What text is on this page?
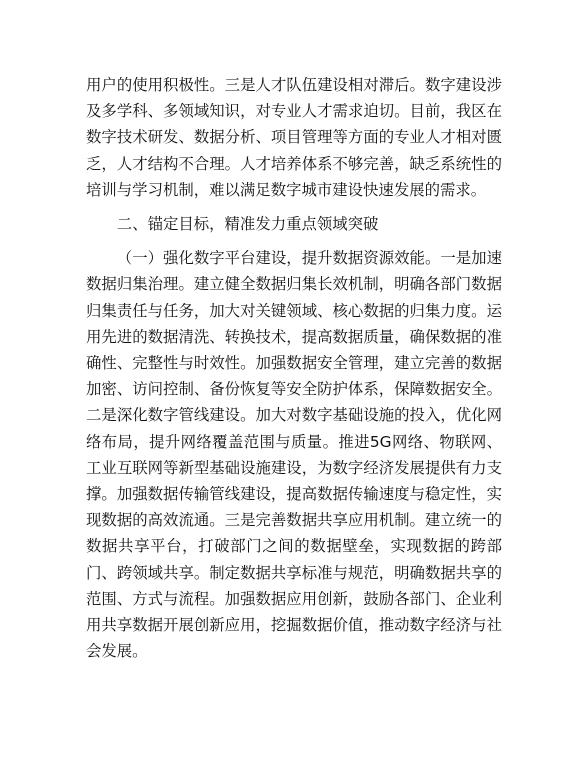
用户的使用积极性。三是人才队伍建设相对滞后。数字建设涉及多学科、多领域知识，对专业人才需求迫切。目前，我区在数字技术研发、数据分析、项目管理等方面的专业人才相对匮乏，人才结构不合理。人才培养体系不够完善，缺乏系统性的培训与学习机制，难以满足数字城市建设快速发展的需求。

二、锚定目标，精准发力重点领域突破

（一）强化数字平台建设，提升数据资源效能。一是加速数据归集治理。建立健全数据归集长效机制，明确各部门数据归集责任与任务，加大对关键领域、核心数据的归集力度。运用先进的数据清洗、转换技术，提高数据质量，确保数据的准确性、完整性与时效性。加强数据安全管理，建立完善的数据加密、访问控制、备份恢复等安全防护体系，保障数据安全。二是深化数字管线建设。加大对数字基础设施的投入，优化网络布局，提升网络覆盖范围与质量。推进5G网络、物联网、工业互联网等新型基础设施建设，为数字经济发展提供有力支撑。加强数据传输管线建设，提高数据传输速度与稳定性，实现数据的高效流通。三是完善数据共享应用机制。建立统一的数据共享平台，打破部门之间的数据壁垒，实现数据的跨部门、跨领域共享。制定数据共享标准与规范，明确数据共享的范围、方式与流程。加强数据应用创新，鼓励各部门、企业利用共享数据开展创新应用，挖掘数据价值，推动数字经济与社会发展。
